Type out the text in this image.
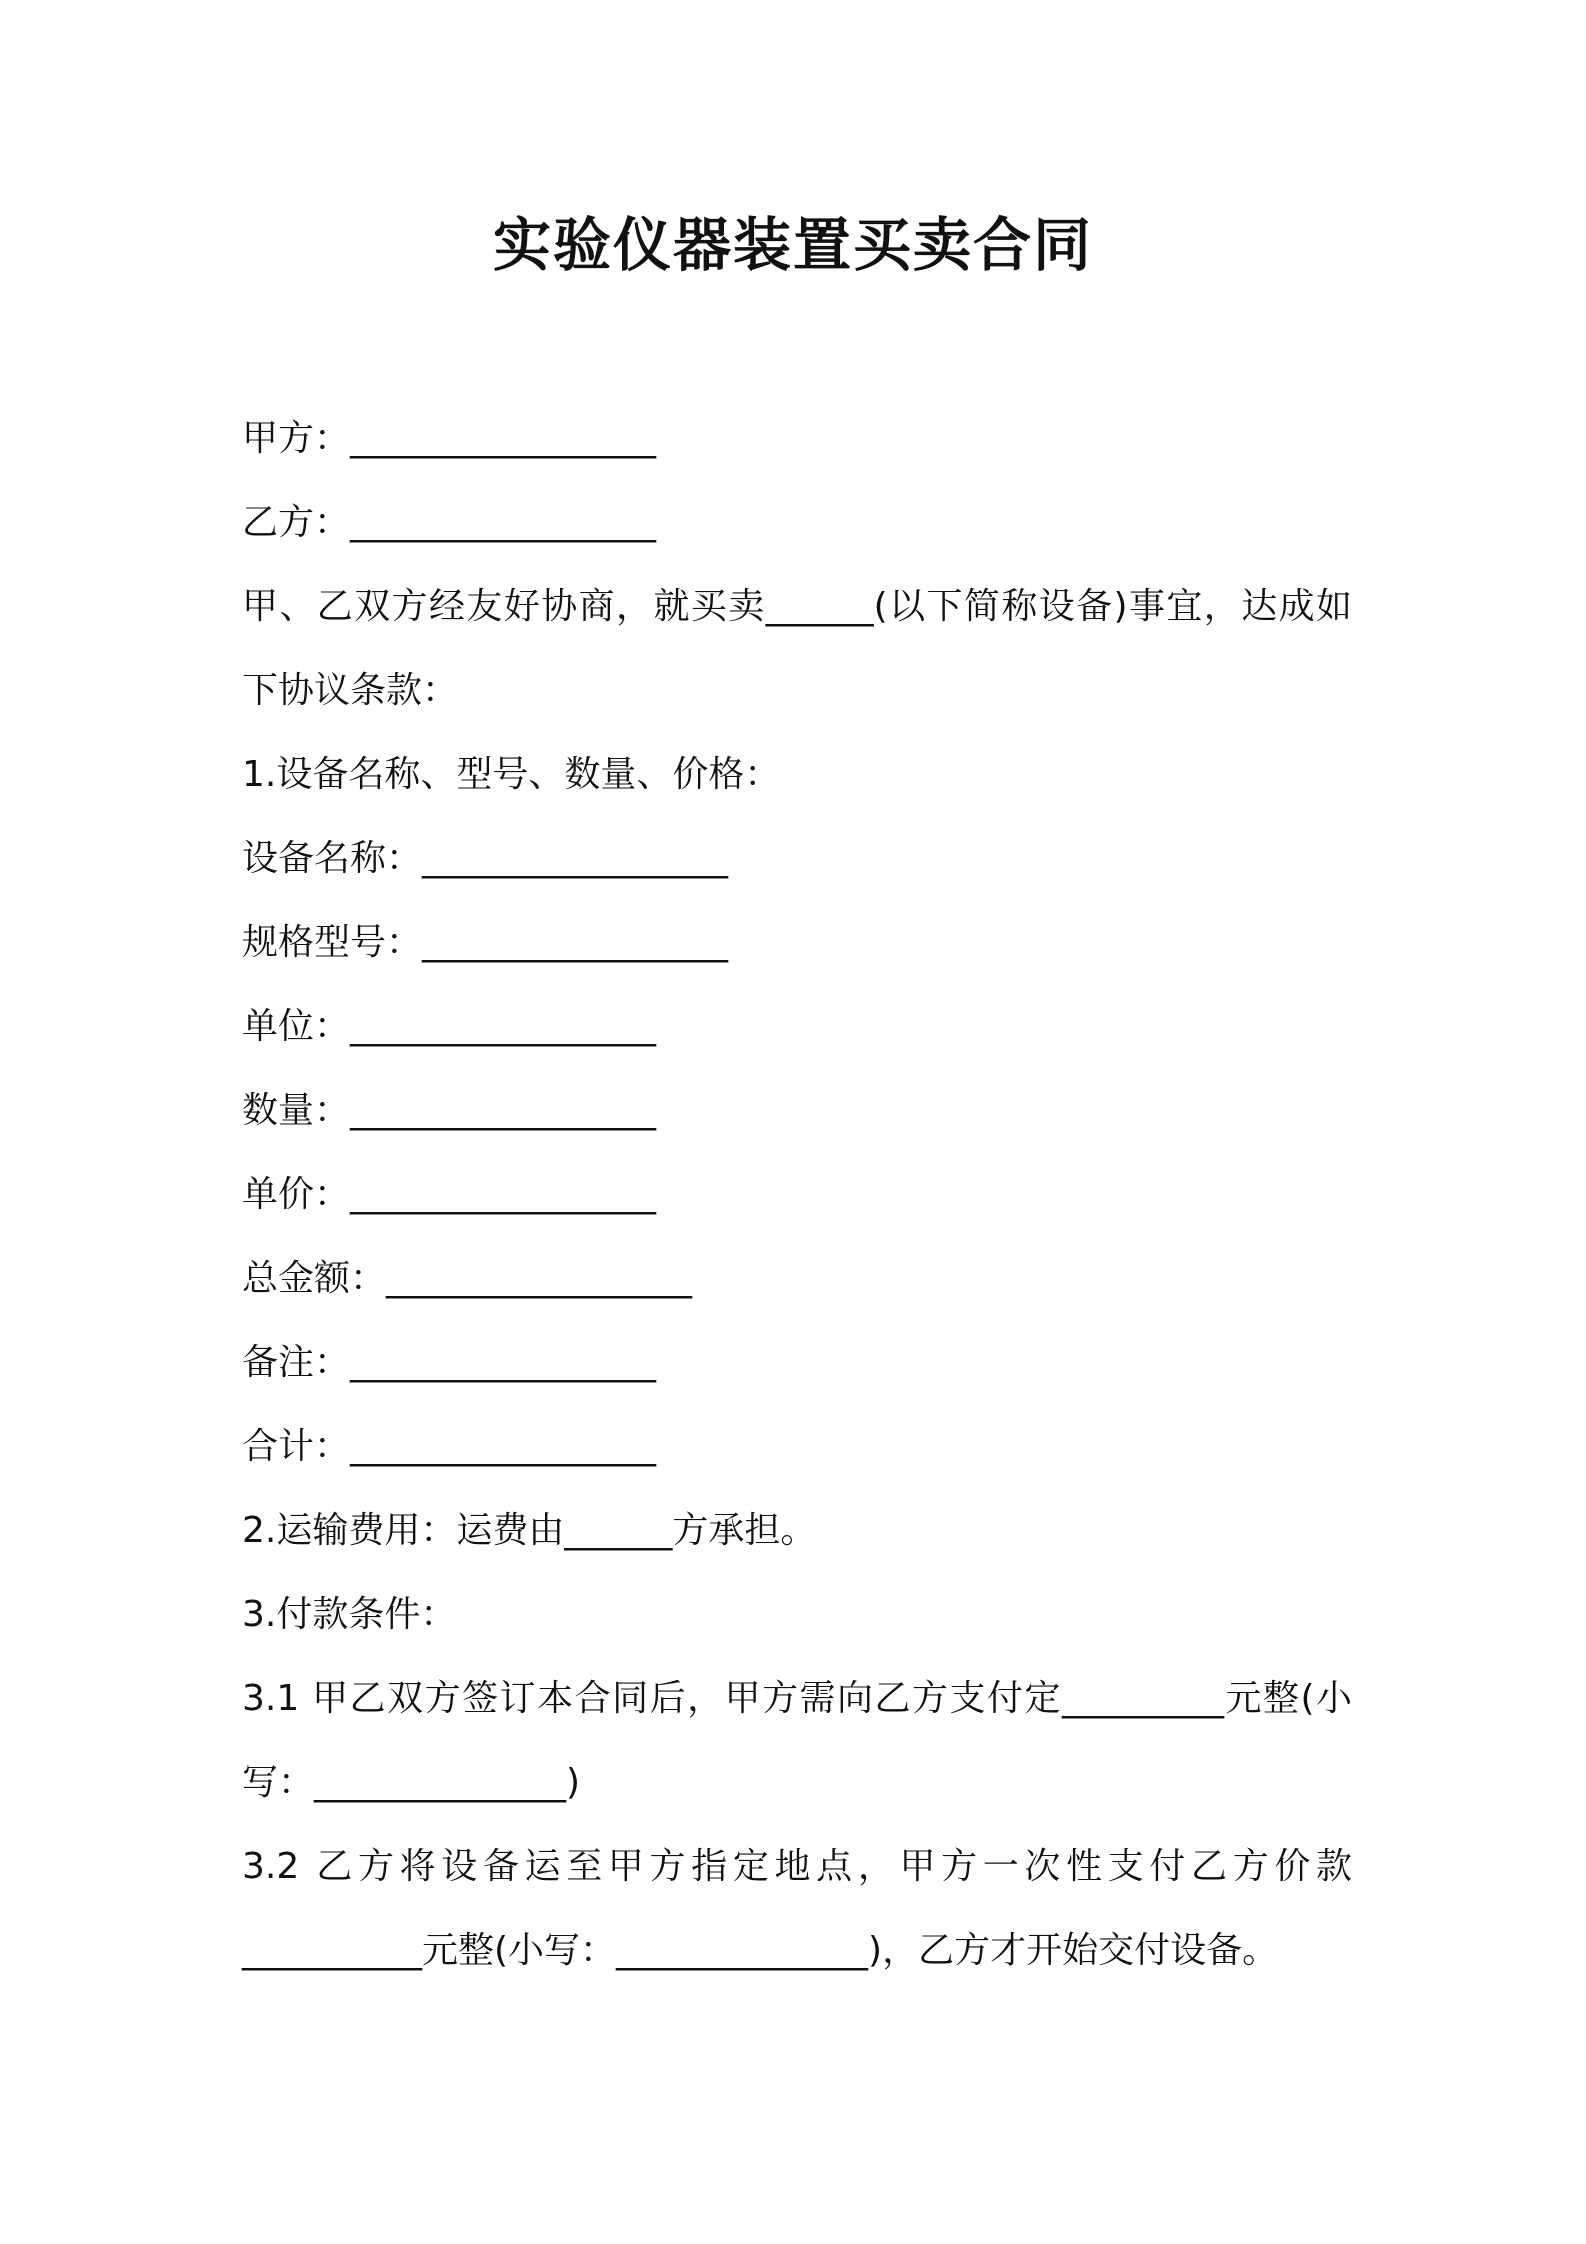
实验仪器装置买卖合同
甲方：_________________
乙方：_________________
甲、乙双方经友好协商，就买卖______(以下简称设备)事宜，达成如
下协议条款：
1.设备名称、型号、数量、价格：
设备名称：_________________
规格型号：_________________
单位：_________________
数量：_________________
单价：_________________
总金额：_________________
备注：_________________
合计：_________________
2.运输费用：运费由______方承担。
3.付款条件：
3.1 甲乙双方签订本合同后，甲方需向乙方支付定_________元整(小
写：______________)
3.2 乙方将设备运至甲方指定地点，甲方一次性支付乙方价款
__________元整(小写：______________)，乙方才开始交付设备。
